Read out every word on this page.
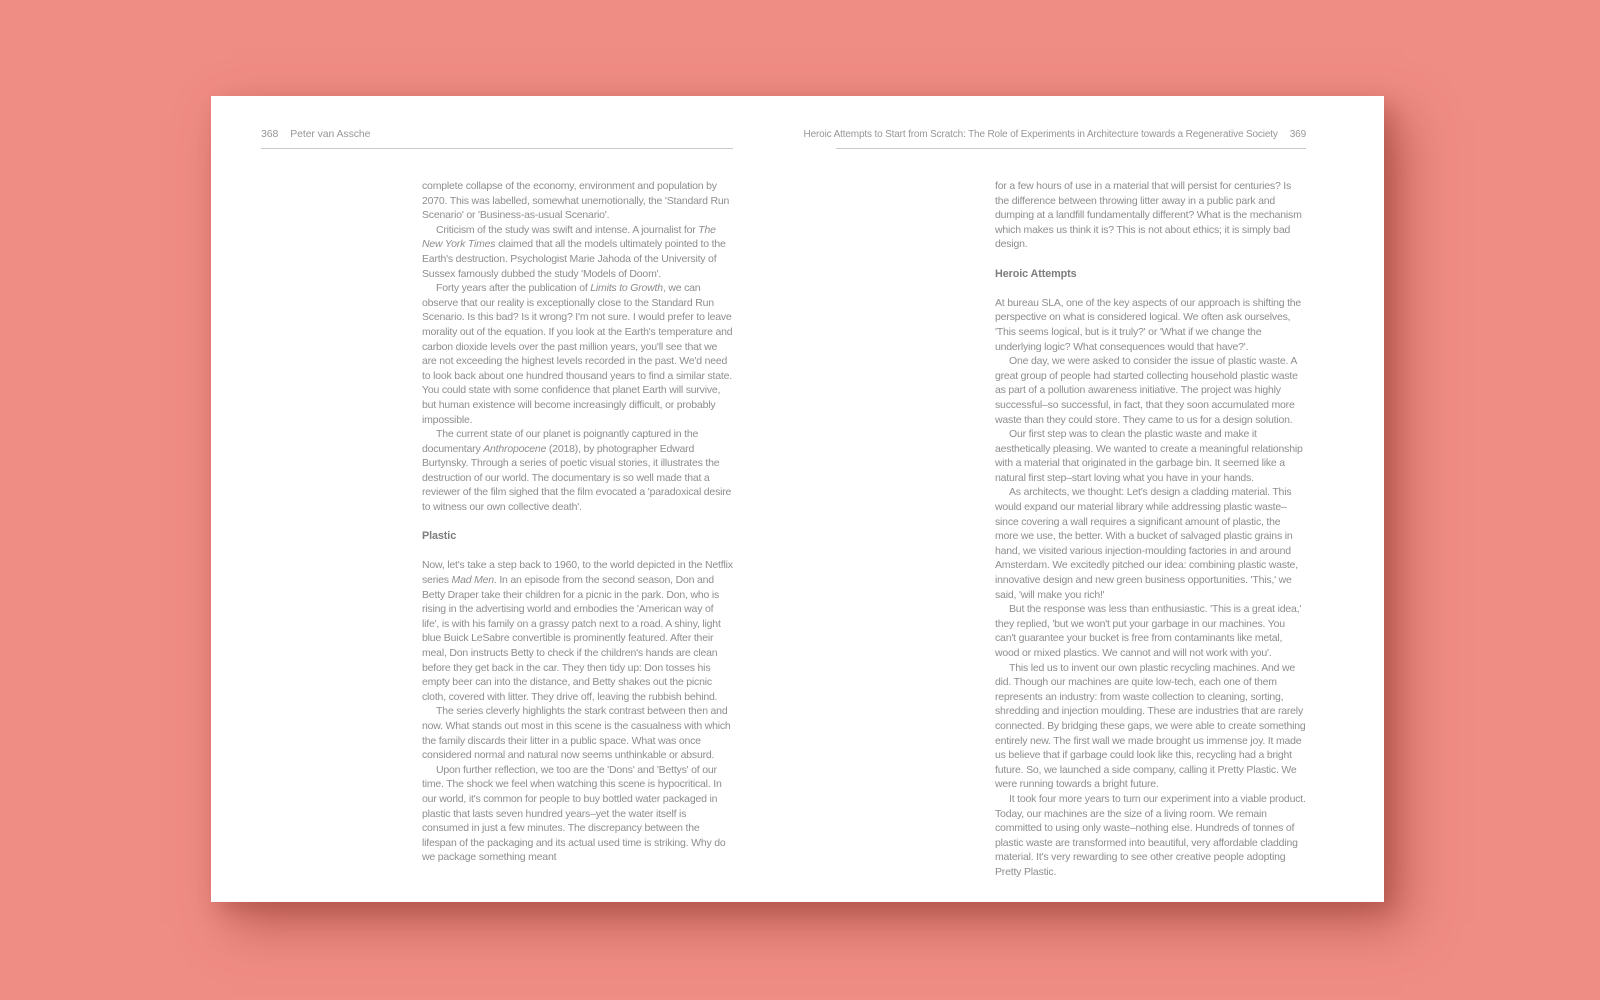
368 Peter van Assche	Heroic Attempts to Start from Scratch: The Role of Experiments in Architecture towards a Regenerative Society 369

complete collapse of the economy, environment and population by 2070. This was labelled, somewhat unemotionally, the 'Standard Run Scenario' or 'Business-as-usual Scenario'.

Criticism of the study was swift and intense. A journalist for The New York Times claimed that all the models ultimately pointed to the Earth's destruction. Psychologist Marie Jahoda of the University of Sussex famously dubbed the study 'Models of Doom'.

Forty years after the publication of Limits to Growth, we can observe that our reality is exceptionally close to the Standard Run Scenario. Is this bad? Is it wrong? I'm not sure. I would prefer to leave morality out of the equation. If you look at the Earth's temperature and carbon dioxide levels over the past million years, you'll see that we are not exceeding the highest levels recorded in the past. We'd need to look back about one hundred thousand years to find a similar state. You could state with some confidence that planet Earth will survive, but human existence will become increasingly difficult, or probably impossible.

The current state of our planet is poignantly captured in the documentary Anthropocene (2018), by photographer Edward Burtynsky. Through a series of poetic visual stories, it illustrates the destruction of our world. The documentary is so well made that a reviewer of the film sighed that the film evocated a 'paradoxical desire to witness our own collective death'.

Plastic

Now, let's take a step back to 1960, to the world depicted in the Netflix series Mad Men. In an episode from the second season, Don and Betty Draper take their children for a picnic in the park. Don, who is rising in the advertising world and embodies the 'American way of life', is with his family on a grassy patch next to a road. A shiny, light blue Buick LeSabre convertible is prominently featured. After their meal, Don instructs Betty to check if the children's hands are clean before they get back in the car. They then tidy up: Don tosses his empty beer can into the distance, and Betty shakes out the picnic cloth, covered with litter. They drive off, leaving the rubbish behind.

The series cleverly highlights the stark contrast between then and now. What stands out most in this scene is the casualness with which the family discards their litter in a public space. What was once considered normal and natural now seems unthinkable or absurd.

Upon further reflection, we too are the 'Dons' and 'Bettys' of our time. The shock we feel when watching this scene is hypocritical. In our world, it's common for people to buy bottled water packaged in plastic that lasts seven hundred years–yet the water itself is consumed in just a few minutes. The discrepancy between the lifespan of the packaging and its actual used time is striking. Why do we package something meant

for a few hours of use in a material that will persist for centuries? Is the difference between throwing litter away in a public park and dumping at a landfill fundamentally different? What is the mechanism which makes us think it is? This is not about ethics; it is simply bad design.

Heroic Attempts

At bureau SLA, one of the key aspects of our approach is shifting the perspective on what is considered logical. We often ask ourselves, 'This seems logical, but is it truly?' or 'What if we change the underlying logic? What consequences would that have?'.

One day, we were asked to consider the issue of plastic waste. A great group of people had started collecting household plastic waste as part of a pollution awareness initiative. The project was highly successful–so successful, in fact, that they soon accumulated more waste than they could store. They came to us for a design solution.

Our first step was to clean the plastic waste and make it aesthetically pleasing. We wanted to create a meaningful relationship with a material that originated in the garbage bin. It seemed like a natural first step–start loving what you have in your hands.

As architects, we thought: Let's design a cladding material. This would expand our material library while addressing plastic waste–since covering a wall requires a significant amount of plastic, the more we use, the better. With a bucket of salvaged plastic grains in hand, we visited various injection-moulding factories in and around Amsterdam. We excitedly pitched our idea: combining plastic waste, innovative design and new green business opportunities. 'This,' we said, 'will make you rich!'

But the response was less than enthusiastic. 'This is a great idea,' they replied, 'but we won't put your garbage in our machines. You can't guarantee your bucket is free from contaminants like metal, wood or mixed plastics. We cannot and will not work with you'.

This led us to invent our own plastic recycling machines. And we did. Though our machines are quite low-tech, each one of them represents an industry: from waste collection to cleaning, sorting, shredding and injection moulding. These are industries that are rarely connected. By bridging these gaps, we were able to create something entirely new. The first wall we made brought us immense joy. It made us believe that if garbage could look like this, recycling had a bright future. So, we launched a side company, calling it Pretty Plastic. We were running towards a bright future.

It took four more years to turn our experiment into a viable product. Today, our machines are the size of a living room. We remain committed to using only waste–nothing else. Hundreds of tonnes of plastic waste are transformed into beautiful, very affordable cladding material. It's very rewarding to see other creative people adopting Pretty Plastic.
